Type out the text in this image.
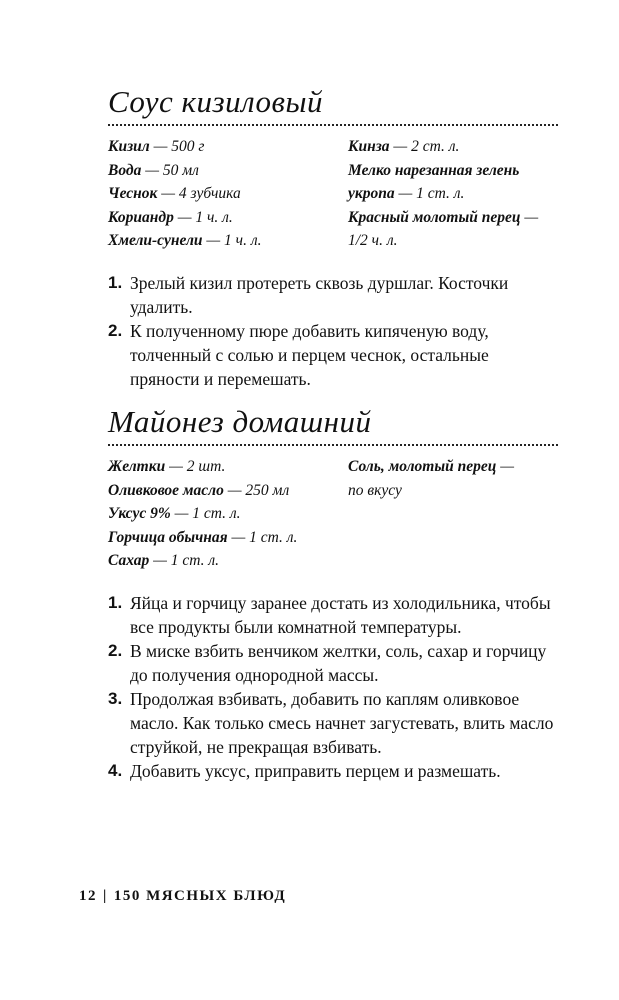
Соус кизиловый
Кизил — 500 г
Вода — 50 мл
Чеснок — 4 зубчика
Кориандр — 1 ч. л.
Хмели-сунели — 1 ч. л.
Кинза — 2 ст. л.
Мелко нарезанная зелень
укропа — 1 ст. л.
Красный молотый перец —
1/2 ч. л.
1. Зрелый кизил протереть сквозь дуршлаг. Косточки удалить.
2. К полученному пюре добавить кипяченую воду, толченный с солью и перцем чеснок, остальные пряности и перемешать.
Майонез домашний
Желтки — 2 шт.
Оливковое масло — 250 мл
Уксус 9% — 1 ст. л.
Горчица обычная — 1 ст. л.
Сахар — 1 ст. л.
Соль, молотый перец —
по вкусу
1. Яйца и горчицу заранее достать из холодильника, чтобы все продукты были комнатной температуры.
2. В миске взбить венчиком желтки, соль, сахар и горчицу до получения однородной массы.
3. Продолжая взбивать, добавить по каплям оливковое масло. Как только смесь начнет загустевать, влить масло струйкой, не прекращая взбивать.
4. Добавить уксус, приправить перцем и размешать.
12 | 150 МЯСНЫХ БЛЮД
